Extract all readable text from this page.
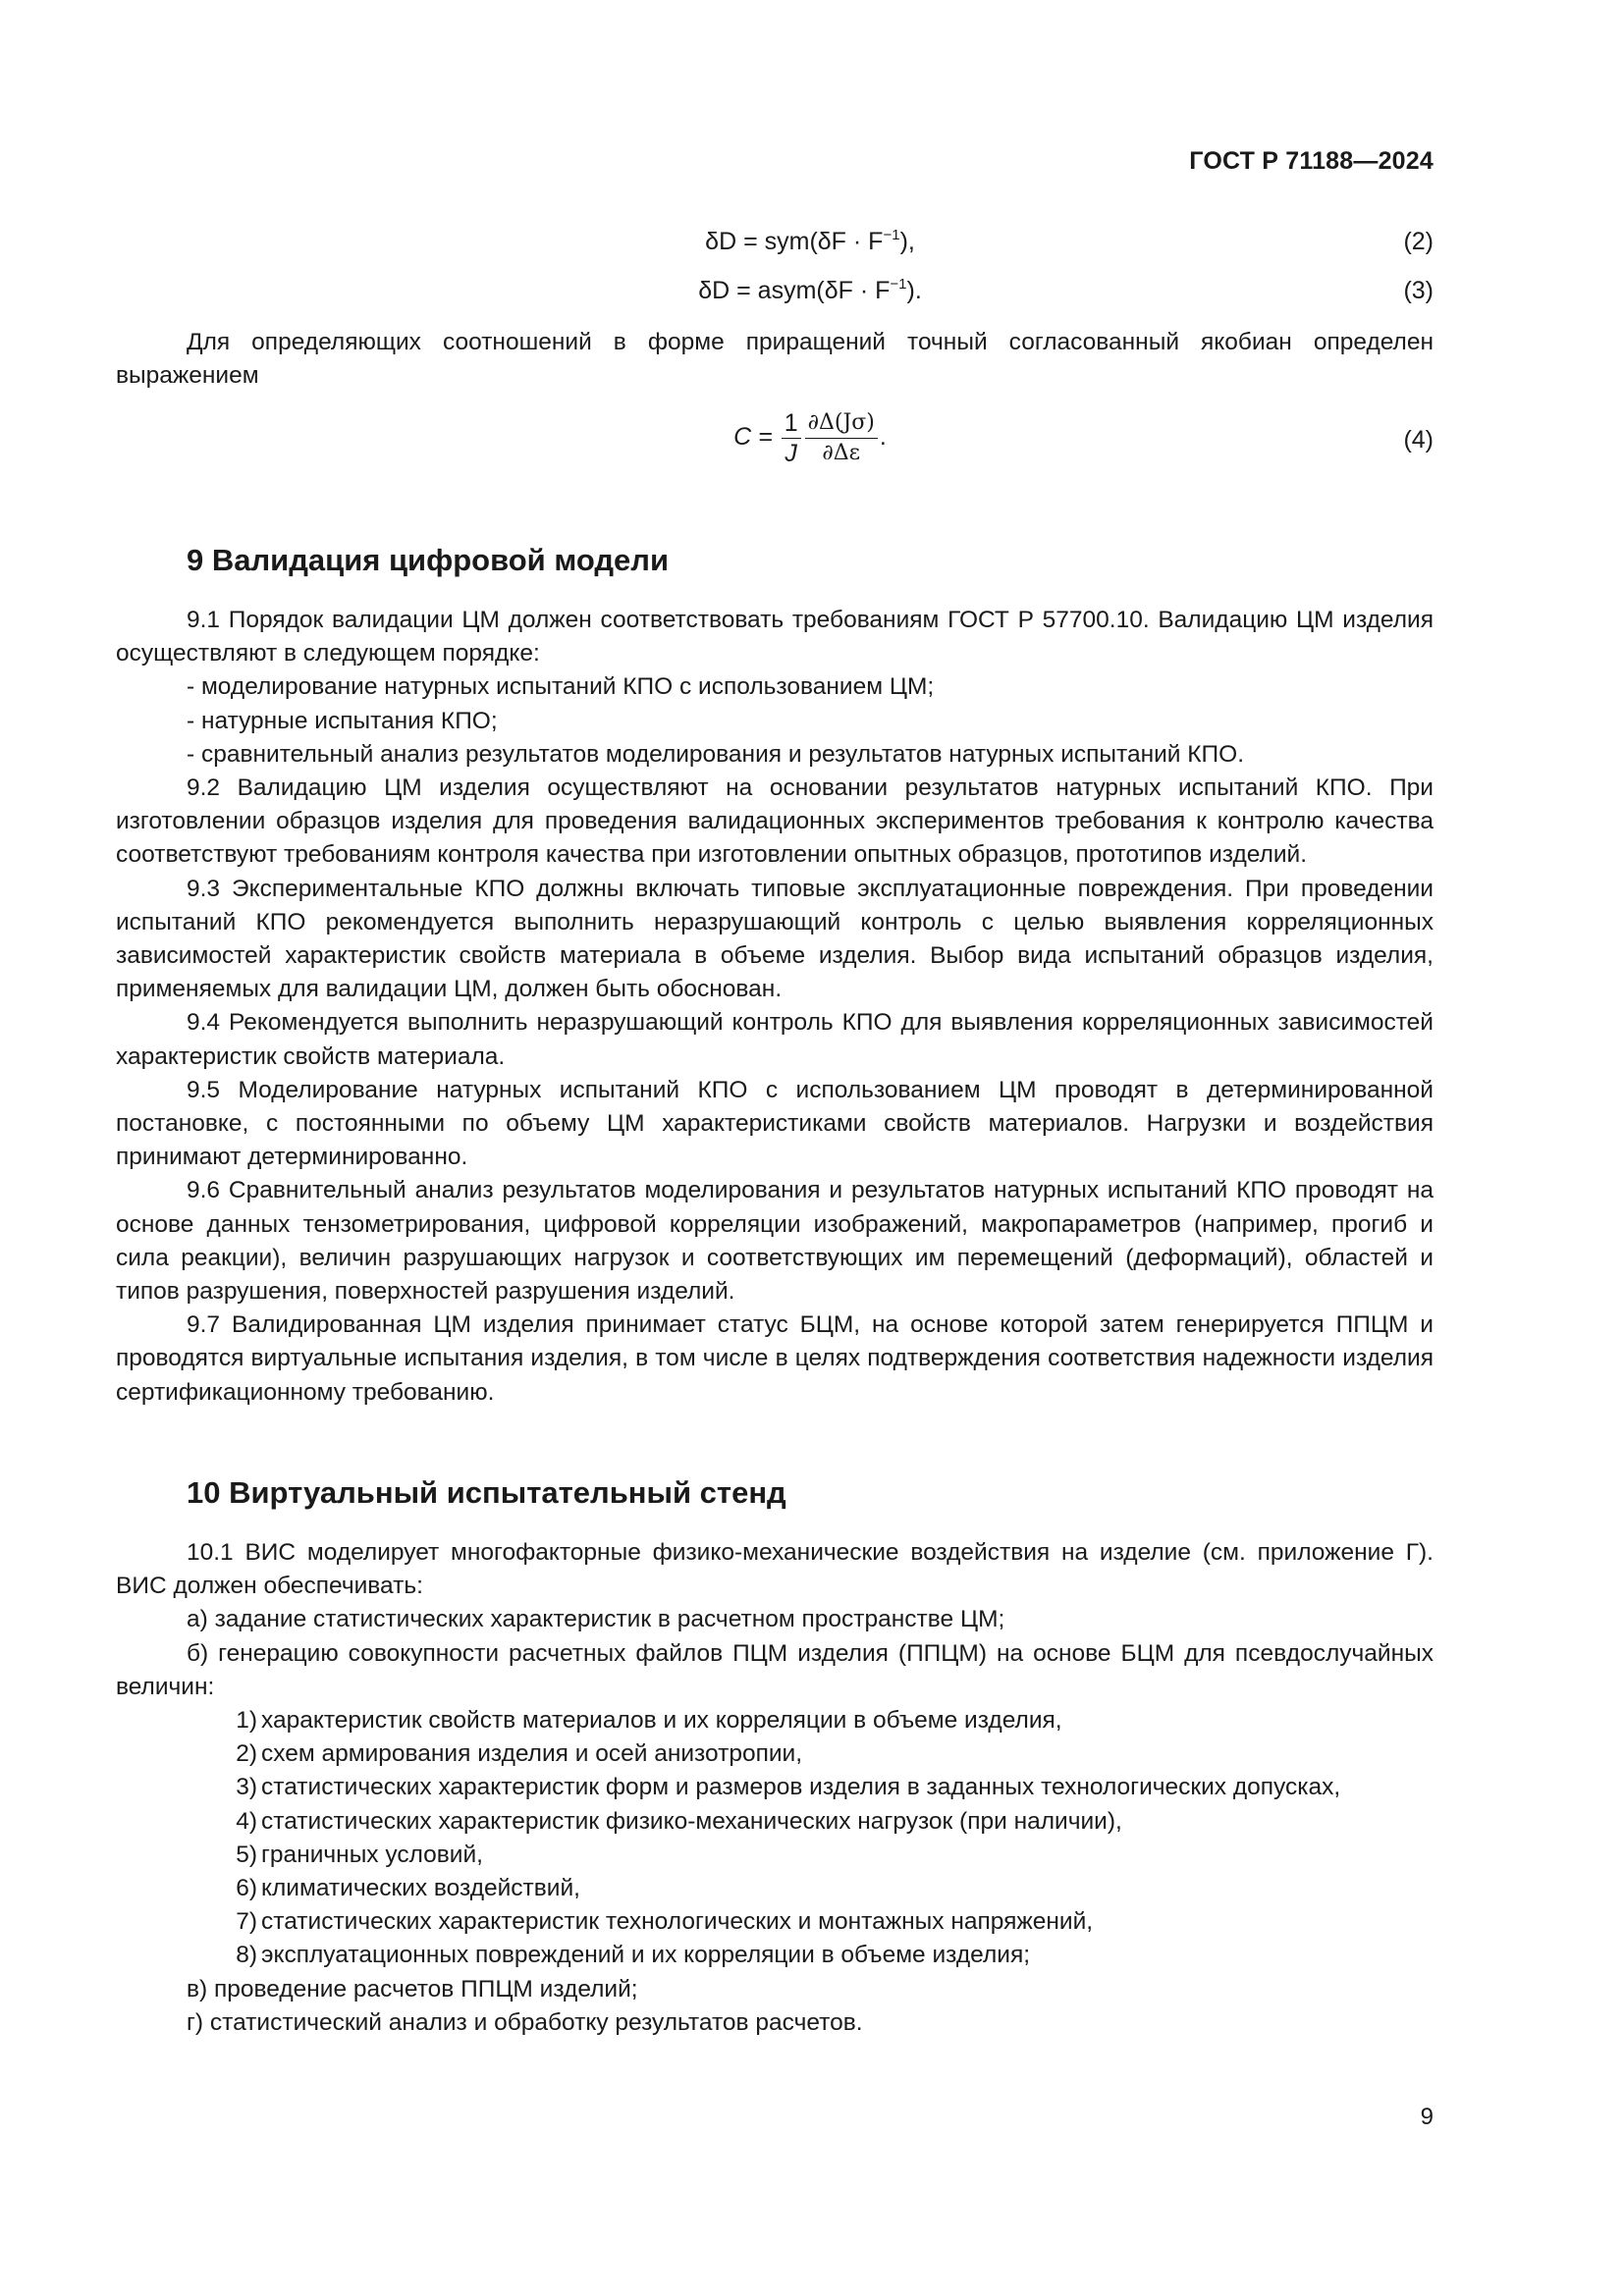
ГОСТ Р 71188—2024
$\delta D = sym(\delta F \cdot F^{-1})$,	(2)
δD = asym(δF · $F^{-1}$).	(3)

Для определяющих соотношений в форме приращений точный согласованный якобиан определен выражением

$C = \frac{1}{J} \frac{\partial\Delta(J\sigma)}{\partial\Delta\varepsilon}$ .	(4)
9 Валидация цифровой модели

9.1 Порядок валидации ЦМ должен соответствовать требованиям ГОСТ Р 57700.10. Валидацию ЦМ изделия осуществляют в следующем порядке:

- моделирование натурных испытаний КПО с использованием ЦМ;

- натурные испытания КПО;

- сравнительный анализ результатов моделирования и результатов натурных испытаний КПО.

9.2 Валидацию ЦМ изделия осуществляют на основании результатов натурных испытаний КПО. При изготовлении образцов изделия для проведения валидационных экспериментов требования к контролю качества соответствуют требованиям контроля качества при изготовлении опытных образцов, прототипов изделий.

9.3 Экспериментальные КПО должны включать типовые эксплуатационные повреждения. При проведении испытаний КПО рекомендуется выполнить неразрушающий контроль с целью выявления корреляционных зависимостей характеристик свойств материала в объеме изделия. Выбор вида испытаний образцов изделия, применяемых для валидации ЦМ, должен быть обоснован.

9.4 Рекомендуется выполнить неразрушающий контроль КПО для выявления корреляционных зависимостей характеристик свойств материала.

9.5 Моделирование натурных испытаний КПО с использованием ЦМ проводят в детерминированной постановке, с постоянными по объему ЦМ характеристиками свойств материалов. Нагрузки и воздействия принимают детерминированно.

9.6 Сравнительный анализ результатов моделирования и результатов натурных испытаний КПО проводят на основе данных тензометрирования, цифровой корреляции изображений, макропараметров (например, прогиб и сила реакции), величин разрушающих нагрузок и соответствующих им перемещений (деформаций), областей и типов разрушения, поверхностей разрушения изделий.

9.7 Валидированная ЦМ изделия принимает статус БЦМ, на основе которой затем генерируется ППЦМ и проводятся виртуальные испытания изделия, в том числе в целях подтверждения соответствия надежности изделия сертификационному требованию.

10 Виртуальный испытательный стенд

10.1 ВИС моделирует многофакторные физико-механические воздействия на изделие (см. приложение Г). ВИС должен обеспечивать:

а) задание статистических характеристик в расчетном пространстве ЦМ;

б) генерацию совокупности расчетных файлов ПЦМ изделия (ППЦМ) на основе БЦМ для псевдослучайных величин:

1) характеристик свойств материалов и их корреляции в объеме изделия,

2) схем армирования изделия и осей анизотропии,

3) статистических характеристик форм и размеров изделия в заданных технологических допусках,

4) статистических характеристик физико-механических нагрузок (при наличии),

5) граничных условий,

6) климатических воздействий,

7) статистических характеристик технологических и монтажных напряжений,

8) эксплуатационных повреждений и их корреляции в объеме изделия;

в) проведение расчетов ППЦМ изделий;

г) статистический анализ и обработку результатов расчетов.

9
